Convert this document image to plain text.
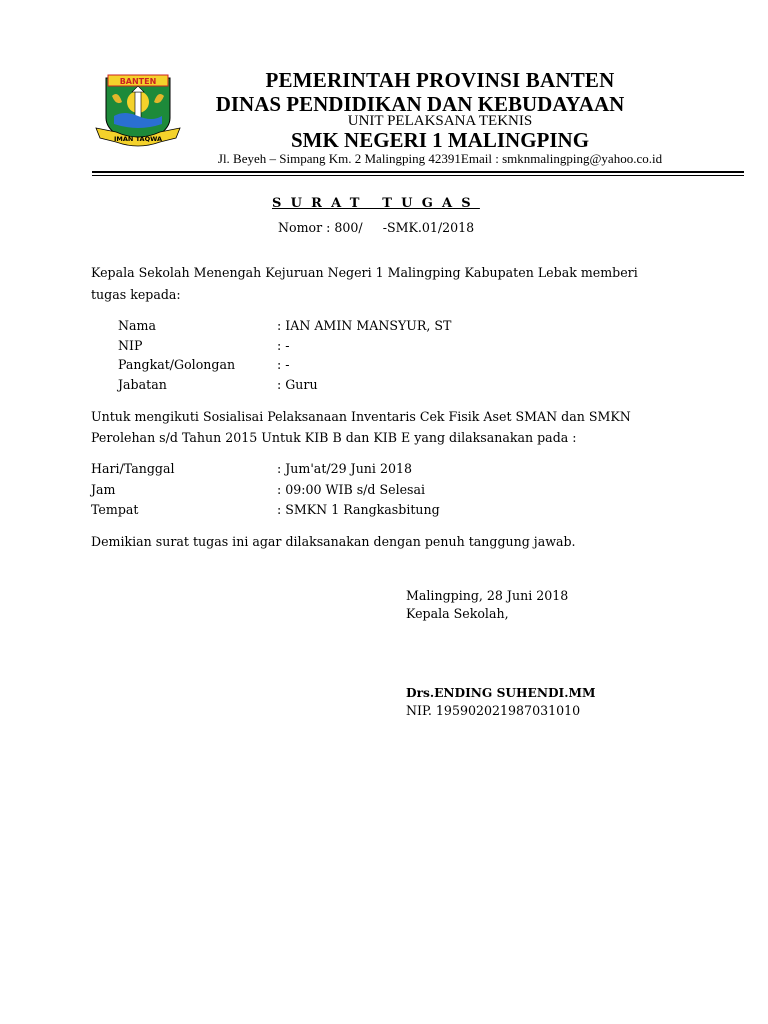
BANTEN
IMAN TAQWA
PEMERINTAH PROVINSI BANTEN
DINAS PENDIDIKAN DAN KEBUDAYAAN
UNIT PELAKSANA TEKNIS
SMK NEGERI 1 MALINGPING
Jl. Beyeh – Simpang Km. 2 Malingping 42391Email : smknmalingping@yahoo.co.id
SURAT TUGAS
Nomor : 800/     -SMK.01/2018
Kepala Sekolah Menengah Kejuruan Negeri 1 Malingping Kabupaten Lebak memberi
tugas kepada:
Nama	: IAN AMIN MANSYUR, ST
NIP	: -
Pangkat/Golongan	: -
Jabatan	: Guru
Untuk mengikuti Sosialisai Pelaksanaan Inventaris Cek Fisik Aset SMAN dan SMKN
Perolehan s/d Tahun 2015 Untuk KIB B dan KIB E yang dilaksanakan pada :
Hari/Tanggal	: Jum'at/29 Juni 2018
Jam	: 09:00 WIB s/d Selesai
Tempat	: SMKN 1 Rangkasbitung
Demikian surat tugas ini agar dilaksanakan dengan penuh tanggung jawab.
Malingping, 28 Juni 2018
Kepala Sekolah,
Drs.ENDING SUHENDI.MM
NIP. 195902021987031010
